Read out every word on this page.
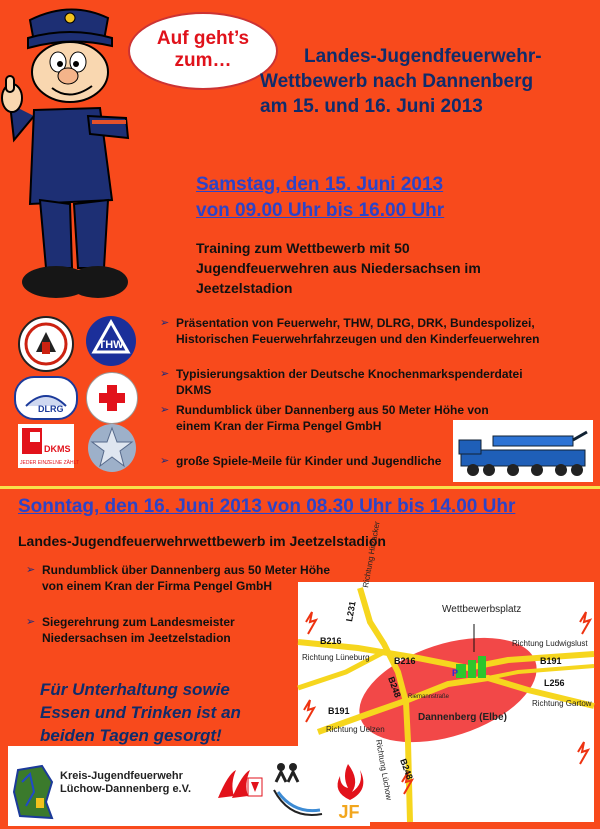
Auf geht’s
zum…	Landes-Jugendfeuerwehr-
Wettbewerb nach Dannenberg
am 15. und 16. Juni 2013
Samstag, den 15. Juni 2013
von 09.00 Uhr bis 16.00 Uhr
Training zum Wettbewerb mit 50 Jugendfeuerwehren aus Niedersachsen im Jeetzelstadion
THW
DLRG
DKMS
JEDER EINZELNE ZÄHLT
➢ Präsentation von Feuerwehr, THW, DLRG, DRK, Bundespolizei, Historischen Feuerwehrfahrzeugen und den Kinderfeuerwehren
➢ Typisierungsaktion der Deutsche Knochenmarkspenderdatei DKMS
➢ Rundumblick über Dannenberg aus 50 Meter Höhe von einem Kran der Firma Pengel GmbH
➢ große Spiele-Meile für Kinder und Jugendliche
Sonntag, den 16. Juni 2013 von 08.30 Uhr bis 14.00 Uhr
Landes-Jugendfeuerwehrwettbewerb im Jeetzelstadion
➢ Rundumblick über Dannenberg aus 50 Meter Höhe von einem Kran der Firma Pengel GmbH
➢ Siegerehrung zum Landesmeister Niedersachsen im Jeetzelstadion
Für Unterhaltung sowie
Essen und Trinken ist an
beiden Tagen gesorgt!
P
Wettbewerbsplatz
Riemannstraße
Dannenberg (Elbe)
L231
B216
B216	B191
L256
B191
B248
B248
Richtung Hitzacker
Richtung Ludwigslust
Richtung Lüneburg
Richtung Gartow
Richtung Uelzen
Richtung Lüchow
Kreis-Jugendfeuerwehr
Lüchow-Dannenberg e.V.
JF
